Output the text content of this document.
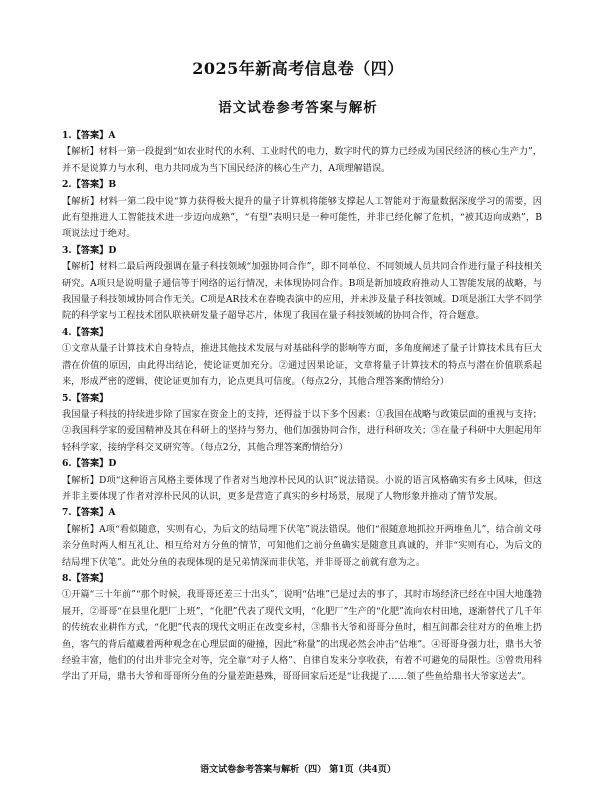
2025年新高考信息卷（四）
语文试卷参考答案与解析
1.【答案】A
【解析】材料一第一段提到“如农业时代的水利、工业时代的电力，数字时代的算力已经成为国民经济的核心生产力”，并不是说算力与水利、电力共同成为当下国民经济的核心生产力，A项理解错误。
2.【答案】B
【解析】材料一第二段中说“算力获得极大提升的量子计算机将能够支撑起人工智能对于海量数据深度学习的需要，因此有望推进人工智能技术进一步迈向成熟”，“有望”表明只是一种可能性，并非已经化解了危机，“被其迈向成熟”，B项说法过于绝对。
3.【答案】D
【解析】材料二最后两段强调在量子科技领域“加强协同合作”，即不同单位、不同领域人员共同合作进行量子科技相关研究。A项只是说明量子通信等于网络的运行情况，未体现协同合作。B项是新加坡政府推动人工智能发展的战略，与我国量子科技领域协同合作无关。C项是AR技术在春晚表演中的应用，并未涉及量子科技领域。D项是浙江大学不同学院的科学家与工程技术团队联袂研发量子超导芯片，体现了我国在量子科技领域的协同合作，符合题意。
4.【答案】
①文章从量子计算技术自身特点，推进其他技术发展与对基础科学的影响等方面，多角度阐述了量子计算技术具有巨大潜在价值的原因，由此得出结论，使论证更加充分。②通过因果论证，文章将量子计算技术的特点与潜在价值联系起来，形成严密的逻辑，使论证更加有力，论点更具可信度。（每点2分，其他合理答案酌情给分）
5.【答案】
我国量子科技的持续进步除了国家在资金上的支持，还得益于以下多个因素：①我国在战略与政策层面的重视与支持；②我国科学家的爱国精神及其在科研上的坚持与努力，他们加强协同合作，进行科研攻关；③在量子科研中大胆起用年轻科学家，接纳学科交叉研究等。（每点2分，其他合理答案酌情给分）
6.【答案】D
【解析】D项“这种语言风格主要体现了作者对当地淳朴民风的认识”说法错误。小说的语言风格确实有乡土风味，但这并非主要体现了作者对淳朴民风的认识，更多是营造了真实的乡村场景，展现了人物形象并推动了情节发展。
7.【答案】A
【解析】A项“看似随意，实则有心，为后文的结局埋下伏笔”说法错误。他们“很随意地抓拉开两堆鱼儿”，结合前文母亲分鱼时两人相互礼让、相互给对方分鱼的情节，可知他们之前分鱼确实是随意且真诚的，并非“实则有心，为后文的结局埋下伏笔”。此处分鱼的表现体现的是兄弟情深而非伏笔，并非哥哥之前就有意为之。
8.【答案】
①开篇“三十年前”“那个时候，我哥哥还差三十出头”，说明“估堆”已是过去的事了，其时市场经济已经在中国大地蓬勃展开，②哥哥“在县里化肥厂上班”，“化肥”代表了现代文明，“化肥厂”生产的“化肥”流向农村田地，逐渐替代了几千年的传统农业耕作方式，“化肥”代表的现代文明正在改变乡村，③鼎书大爷和哥哥分鱼时，相互间都会往对方的鱼堆上扔鱼，客气的背后蕴藏着两种观念在心理层面的碰撞，因此“称量”的出现必然会冲击“估堆”。④哥哥身强力壮，鼎书大爷经验丰富，他们的付出并非完全对等，完全靠“对子人格”、自律自发来分享收获，有着不可避免的局限性。⑤曾贵用科学出了开局，鼎书大爷和哥哥所分鱼的分量差距悬殊，哥哥回家后还是“让我提了……领了些鱼给鼎书大爷家送去”。
语文试卷参考答案与解析（四） 第1页（共4页）
